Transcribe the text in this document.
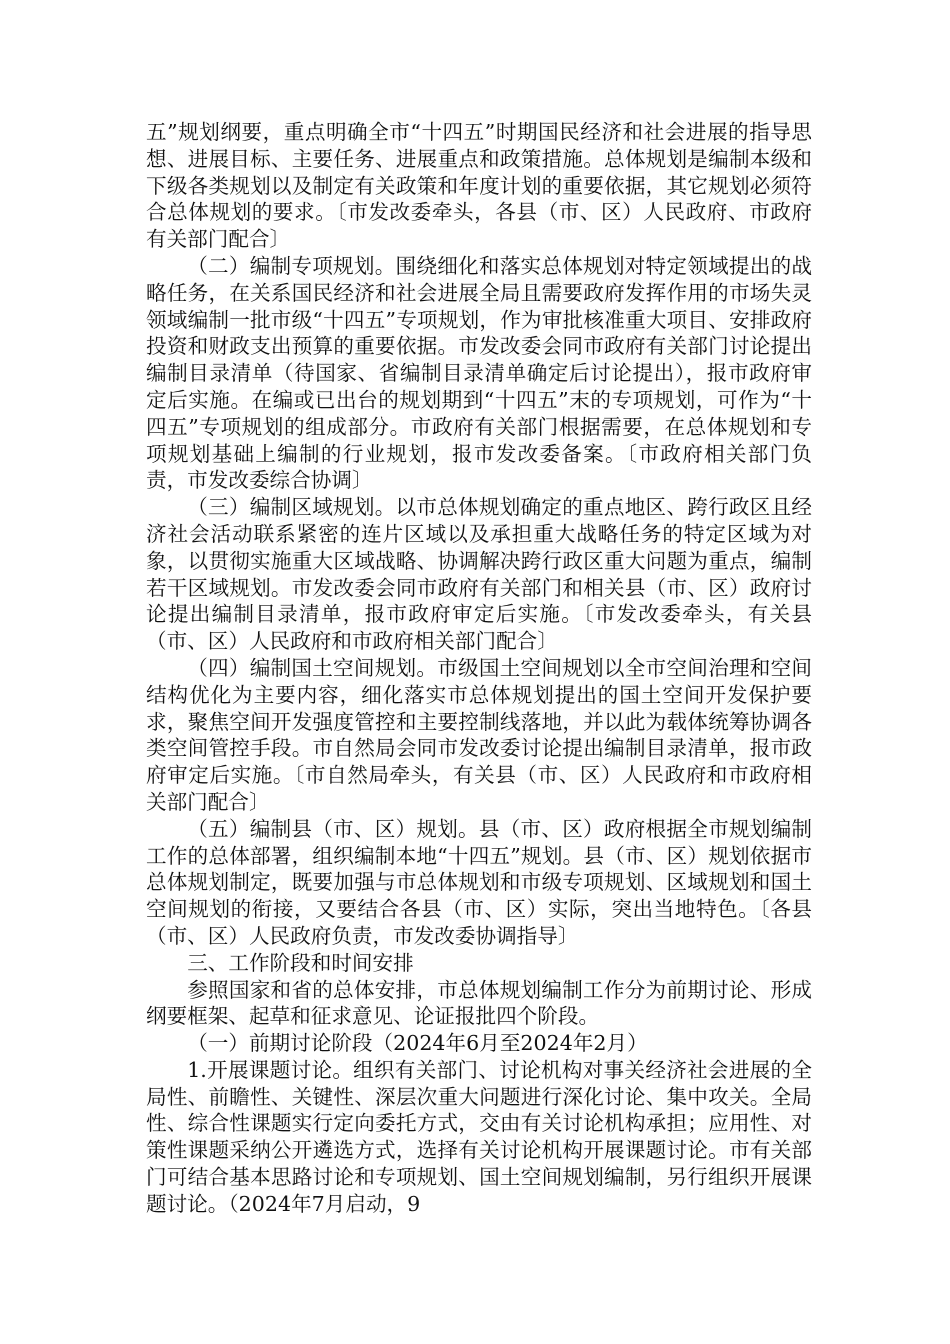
五”规划纲要，重点明确全市“十四五”时期国民经济和社会进展的指导思想、进展目标、主要任务、进展重点和政策措施。总体规划是编制本级和下级各类规划以及制定有关政策和年度计划的重要依据，其它规划必须符合总体规划的要求。〔市发改委牵头，各县（市、区）人民政府、市政府有关部门配合〕

（二）编制专项规划。围绕细化和落实总体规划对特定领域提出的战略任务，在关系国民经济和社会进展全局且需要政府发挥作用的市场失灵领域编制一批市级“十四五”专项规划，作为审批核准重大项目、安排政府投资和财政支出预算的重要依据。市发改委会同市政府有关部门讨论提出编制目录清单（待国家、省编制目录清单确定后讨论提出），报市政府审定后实施。在编或已出台的规划期到“十四五”末的专项规划，可作为“十四五”专项规划的组成部分。市政府有关部门根据需要，在总体规划和专项规划基础上编制的行业规划，报市发改委备案。〔市政府相关部门负责，市发改委综合协调〕

（三）编制区域规划。以市总体规划确定的重点地区、跨行政区且经济社会活动联系紧密的连片区域以及承担重大战略任务的特定区域为对象，以贯彻实施重大区域战略、协调解决跨行政区重大问题为重点，编制若干区域规划。市发改委会同市政府有关部门和相关县（市、区）政府讨论提出编制目录清单，报市政府审定后实施。〔市发改委牵头，有关县（市、区）人民政府和市政府相关部门配合〕

（四）编制国土空间规划。市级国土空间规划以全市空间治理和空间结构优化为主要内容，细化落实市总体规划提出的国土空间开发保护要求，聚焦空间开发强度管控和主要控制线落地，并以此为载体统筹协调各类空间管控手段。市自然局会同市发改委讨论提出编制目录清单，报市政府审定后实施。〔市自然局牵头，有关县（市、区）人民政府和市政府相关部门配合〕

（五）编制县（市、区）规划。县（市、区）政府根据全市规划编制工作的总体部署，组织编制本地“十四五”规划。县（市、区）规划依据市总体规划制定，既要加强与市总体规划和市级专项规划、区域规划和国土空间规划的衔接，又要结合各县（市、区）实际，突出当地特色。〔各县（市、区）人民政府负责，市发改委协调指导〕

三、工作阶段和时间安排

参照国家和省的总体安排，市总体规划编制工作分为前期讨论、形成纲要框架、起草和征求意见、论证报批四个阶段。

（一）前期讨论阶段（2024年6月至2024年2月）

1.开展课题讨论。组织有关部门、讨论机构对事关经济社会进展的全局性、前瞻性、关键性、深层次重大问题进行深化讨论、集中攻关。全局性、综合性课题实行定向委托方式，交由有关讨论机构承担；应用性、对策性课题采纳公开遴选方式，选择有关讨论机构开展课题讨论。市有关部门可结合基本思路讨论和专项规划、国土空间规划编制，另行组织开展课题讨论。（2024年7月启动，9
